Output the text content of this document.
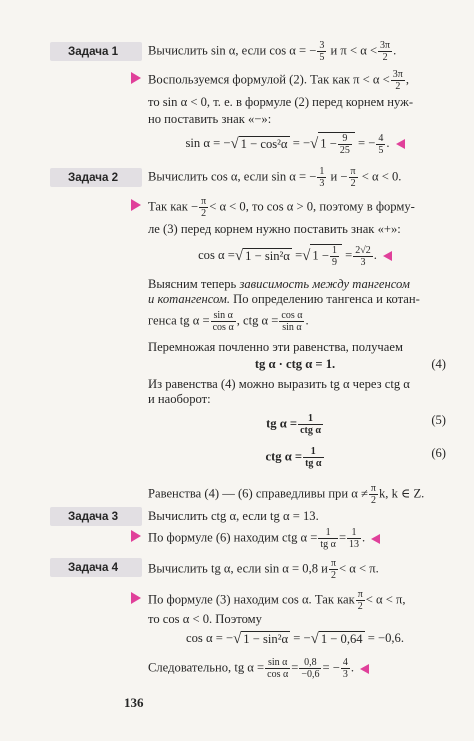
Задача 1	Вычислить sin α, если cos α = − $\frac{3}{5}$ и $\pi < \alpha < \frac{3\pi}{2}$ .
Воспользуемся формулой (2). Так как $\pi < \alpha < \frac{3\pi}{2}$ ,
то sin α < 0, т. е. в формуле (2) перед корнем нуж-
но поставить знак «−»:
sin α = −√ 1 − cos²α = −√ $1 - \frac{9}{25}$ = − $\frac{4}{5}$ .
Задача 2	Вычислить cos α, если sin α = − $\frac{1}{3}$ $и - \frac{\pi}{2} < \alpha < 0$.
Так как − $\frac{\pi}{2} < \alpha < 0$, то cos α > 0, поэтому в форму-
ле (3) перед корнем нужно поставить знак «+»:
cos α =√ 1 − sin²α =√ $1 - \frac{1}{9} = \frac{2√2}{3}$ .
Выясним теперь зависимость между тангенсом
и котангенсом. По определению тангенса и котан-
генса tg $\alpha = \frac{\text{sin α}}{\text{cos α}}$ , ctg $\alpha = \frac{\text{cos α}}{\text{sin α}}$ .
Перемножая почленно эти равенства, получаем
tg α · ctg α = 1.	(4)
Из равенства (4) можно выразить tg α через ctg α
и наоборот:
tg $\alpha = \frac{1}{\text{ctg α}}$	(5)
ctg $\alpha = \frac{1}{\text{tg α}}$	(6)
Равенства (4) — (6) справедливы при $\alpha \ne \frac{\pi}{2} k$, k ∈ Z.
Задача 3	Вычислить ctg α, если tg α = 13.
По формуле (6) находим ctg $\alpha = \frac{1}{\text{tg α}} = \frac{1}{13}$ .
Задача 4	Вычислить tg α, если sin α = 0,8 и $\frac{\pi}{2} < \alpha < \pi$.
По формуле (3) находим cos α. Так как $\frac{\pi}{2} < \alpha < \pi$,
то cos α < 0. Поэтому
cos α = −√ 1 − sin²α = −√ 1 − 0,64 = −0,6.
Следовательно, tg $\alpha = \frac{\text{sin α}}{\text{cos α}} = \frac{0,8}{-0,6}$ = − $\frac{4}{3}$ .
136
